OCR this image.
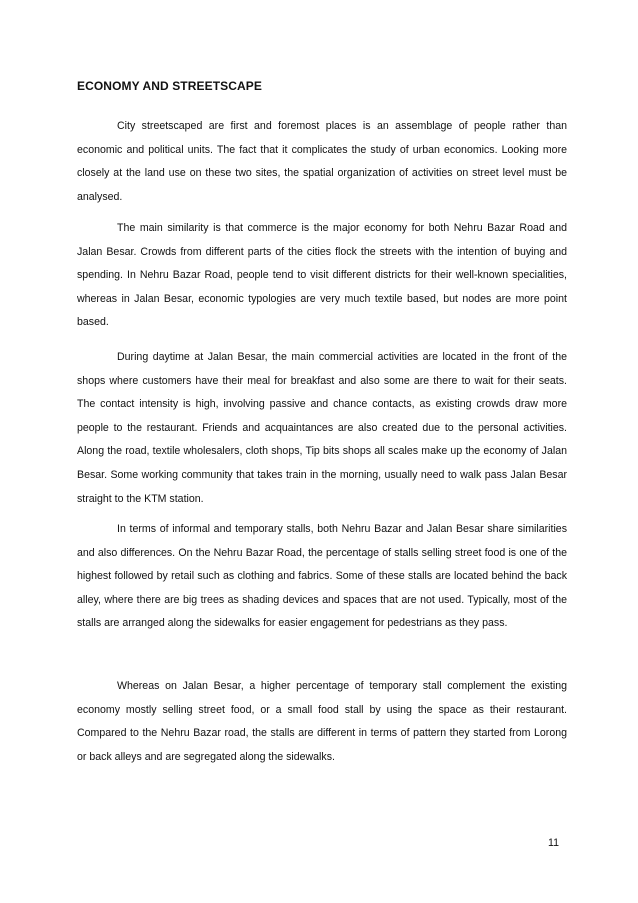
ECONOMY AND STREETSCAPE

City streetscaped are first and foremost places is an assemblage of people rather than economic and political units. The fact that it complicates the study of urban economics. Looking more closely at the land use on these two sites, the spatial organization of activities on street level must be analysed.

The main similarity is that commerce is the major economy for both Nehru Bazar Road and Jalan Besar. Crowds from different parts of the cities flock the streets with the intention of buying and spending. In Nehru Bazar Road, people tend to visit different districts for their well-known specialities, whereas in Jalan Besar, economic typologies are very much textile based, but nodes are more point based.

During daytime at Jalan Besar, the main commercial activities are located in the front of the shops where customers have their meal for breakfast and also some are there to wait for their seats. The contact intensity is high, involving passive and chance contacts, as existing crowds draw more people to the restaurant. Friends and acquaintances are also created due to the personal activities. Along the road, textile wholesalers, cloth shops, Tip bits shops all scales make up the economy of Jalan Besar. Some working community that takes train in the morning, usually need to walk pass Jalan Besar straight to the KTM station.

In terms of informal and temporary stalls, both Nehru Bazar and Jalan Besar share similarities and also differences. On the Nehru Bazar Road, the percentage of stalls selling street food is one of the highest followed by retail such as clothing and fabrics. Some of these stalls are located behind the back alley, where there are big trees as shading devices and spaces that are not used. Typically, most of the stalls are arranged along the sidewalks for easier engagement for pedestrians as they pass.

Whereas on Jalan Besar, a higher percentage of temporary stall complement the existing economy mostly selling street food, or a small food stall by using the space as their restaurant. Compared to the Nehru Bazar road, the stalls are different in terms of pattern they started from Lorong or back alleys and are segregated along the sidewalks.

11
